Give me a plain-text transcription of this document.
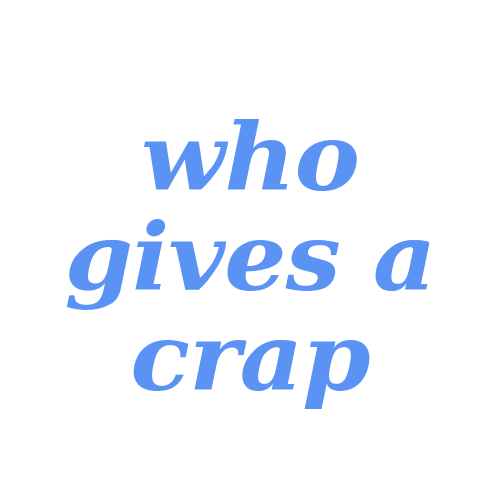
who
gives a
crap
